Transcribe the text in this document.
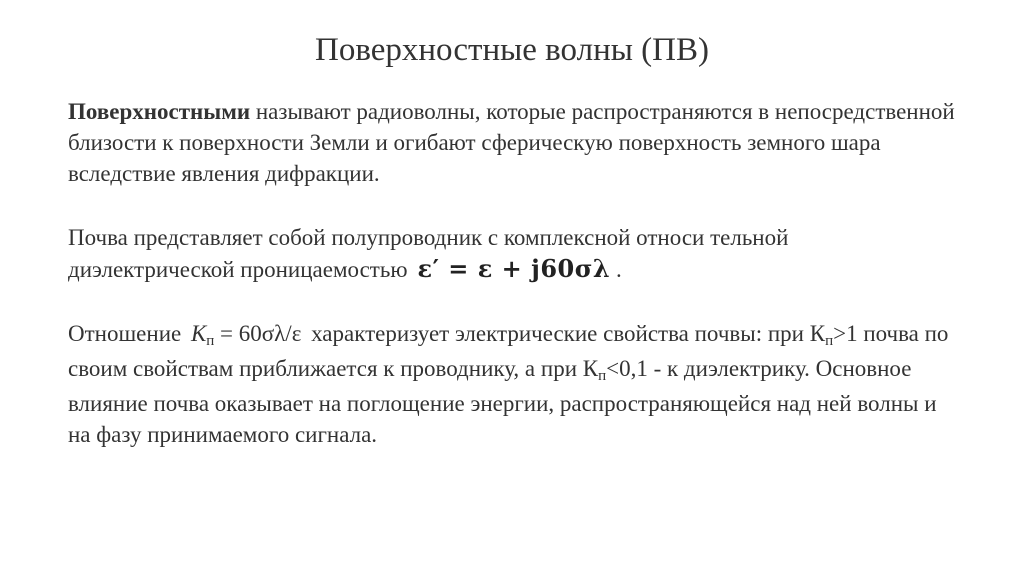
Поверхностные волны (ПВ)

Поверхностными называют радиоволны, которые распространяются в непосредственной близости к поверхности Земли и огибают сферическую поверхность земного шара вследствие явления дифракции.

Почва представляет собой полупроводник с комплексной относи тельной диэлектрической проницаемостью ε′ = ε + j60σλ .

Отношение Кп = 60σλ/ε характеризует электрические свойства почвы: при Кп>1 почва по своим свойствам приближается к проводнику, а при Кп<0,1 - к диэлектрику. Основное влияние почва оказывает на поглощение энергии, распространяющейся над ней волны и на фазу принимаемого сигнала.
